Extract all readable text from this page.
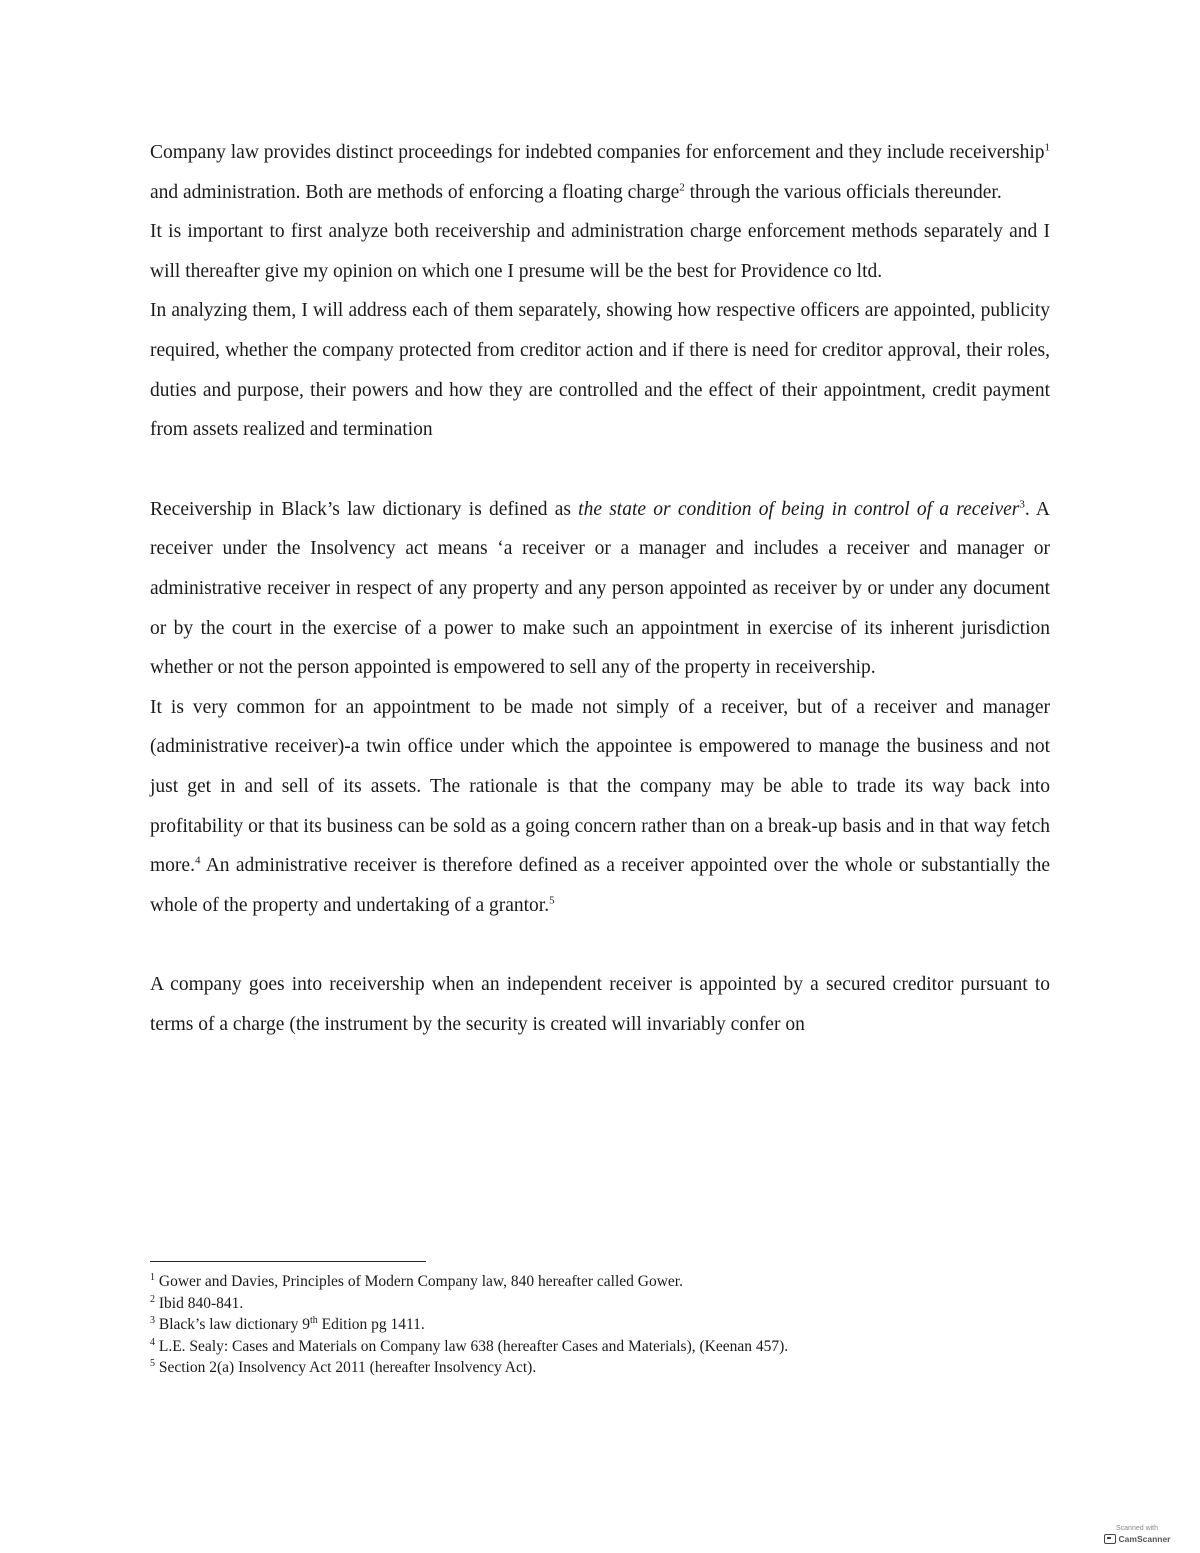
Company law provides distinct proceedings for indebted companies for enforcement and they include receivership$^1$ and administration. Both are methods of enforcing a floating charge$^2$ through the various officials thereunder.

It is important to first analyze both receivership and administration charge enforcement methods separately and I will thereafter give my opinion on which one I presume will be the best for Providence co ltd.

In analyzing them, I will address each of them separately, showing how respective officers are appointed, publicity required, whether the company protected from creditor action and if there is need for creditor approval, their roles, duties and purpose, their powers and how they are controlled and the effect of their appointment, credit payment from assets realized and termination

Receivership in Black’s law dictionary is defined as the state or condition of being in control of a receiver$^3$. A receiver under the Insolvency act means ‘a receiver or a manager and includes a receiver and manager or administrative receiver in respect of any property and any person appointed as receiver by or under any document or by the court in the exercise of a power to make such an appointment in exercise of its inherent jurisdiction whether or not the person appointed is empowered to sell any of the property in receivership.

It is very common for an appointment to be made not simply of a receiver, but of a receiver and manager (administrative receiver)-a twin office under which the appointee is empowered to manage the business and not just get in and sell of its assets. The rationale is that the company may be able to trade its way back into profitability or that its business can be sold as a going concern rather than on a break-up basis and in that way fetch more.$^4$ An administrative receiver is therefore defined as a receiver appointed over the whole or substantially the whole of the property and undertaking of a grantor.$^5$

A company goes into receivership when an independent receiver is appointed by a secured creditor pursuant to terms of a charge (the instrument by the security is created will invariably confer on

$^1$ Gower and Davies, Principles of Modern Company law, 840 hereafter called Gower.

$^2$ Ibid 840-841.

$^3$ Black’s law dictionary 9th Edition pg 1411.

$^4$ L.E. Sealy: Cases and Materials on Company law 638 (hereafter Cases and Materials), (Keenan 457).

$^5$ Section 2(a) Insolvency Act 2011 (hereafter Insolvency Act).

Scanned with
CamScanner
